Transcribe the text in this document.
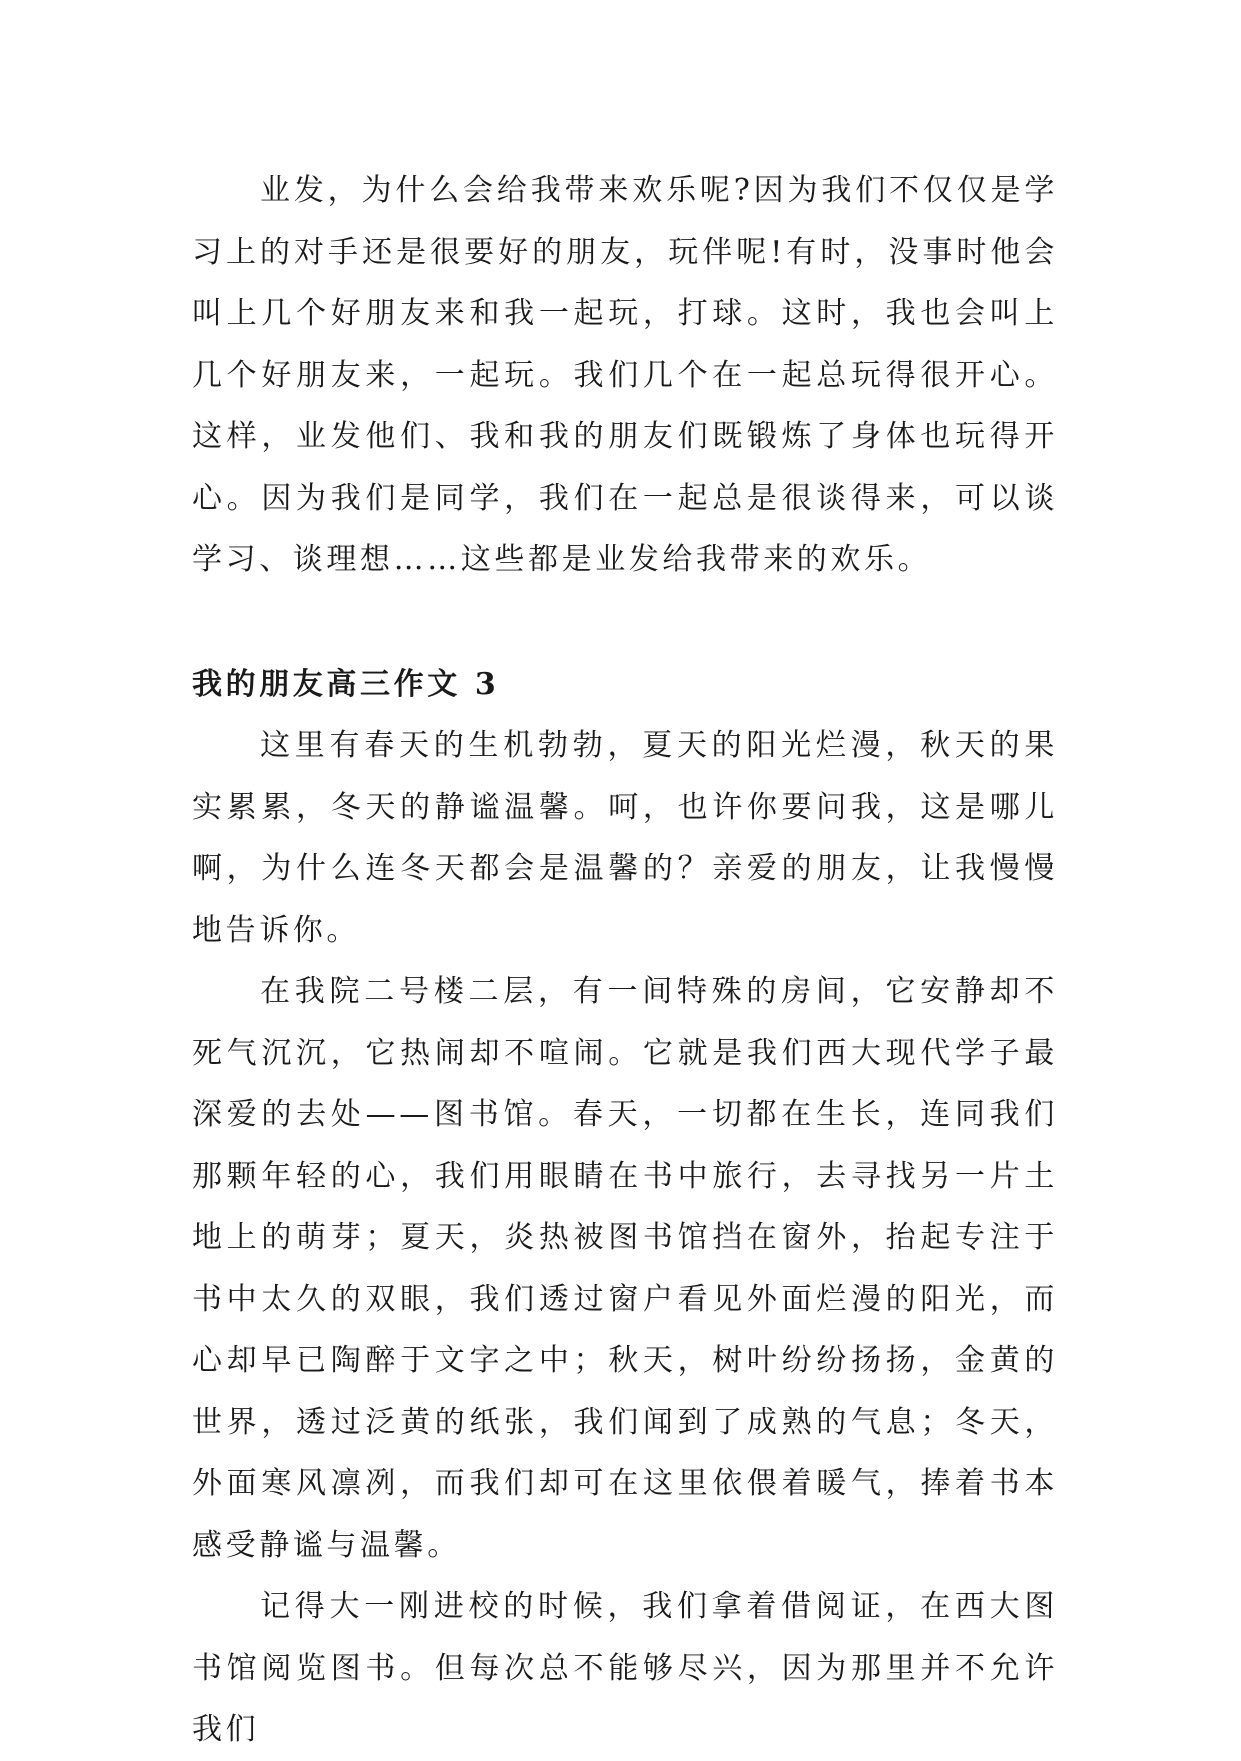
业发，为什么会给我带来欢乐呢?因为我们不仅仅是学习上的对手还是很要好的朋友，玩伴呢!有时，没事时他会叫上几个好朋友来和我一起玩，打球。这时，我也会叫上几个好朋友来，一起玩。我们几个在一起总玩得很开心。这样，业发他们、我和我的朋友们既锻炼了身体也玩得开心。因为我们是同学，我们在一起总是很谈得来，可以谈学习、谈理想……这些都是业发给我带来的欢乐。

我的朋友高三作文 3

这里有春天的生机勃勃，夏天的阳光烂漫，秋天的果实累累，冬天的静谧温馨。呵，也许你要问我，这是哪儿啊，为什么连冬天都会是温馨的？亲爱的朋友，让我慢慢地告诉你。

在我院二号楼二层，有一间特殊的房间，它安静却不死气沉沉，它热闹却不喧闹。它就是我们西大现代学子最深爱的去处——图书馆。春天，一切都在生长，连同我们那颗年轻的心，我们用眼睛在书中旅行，去寻找另一片土地上的萌芽；夏天，炎热被图书馆挡在窗外，抬起专注于书中太久的双眼，我们透过窗户看见外面烂漫的阳光，而心却早已陶醉于文字之中；秋天，树叶纷纷扬扬，金黄的世界，透过泛黄的纸张，我们闻到了成熟的气息；冬天，外面寒风凛冽，而我们却可在这里依偎着暖气，捧着书本感受静谧与温馨。

记得大一刚进校的时候，我们拿着借阅证，在西大图书馆阅览图书。但每次总不能够尽兴，因为那里并不允许我们
